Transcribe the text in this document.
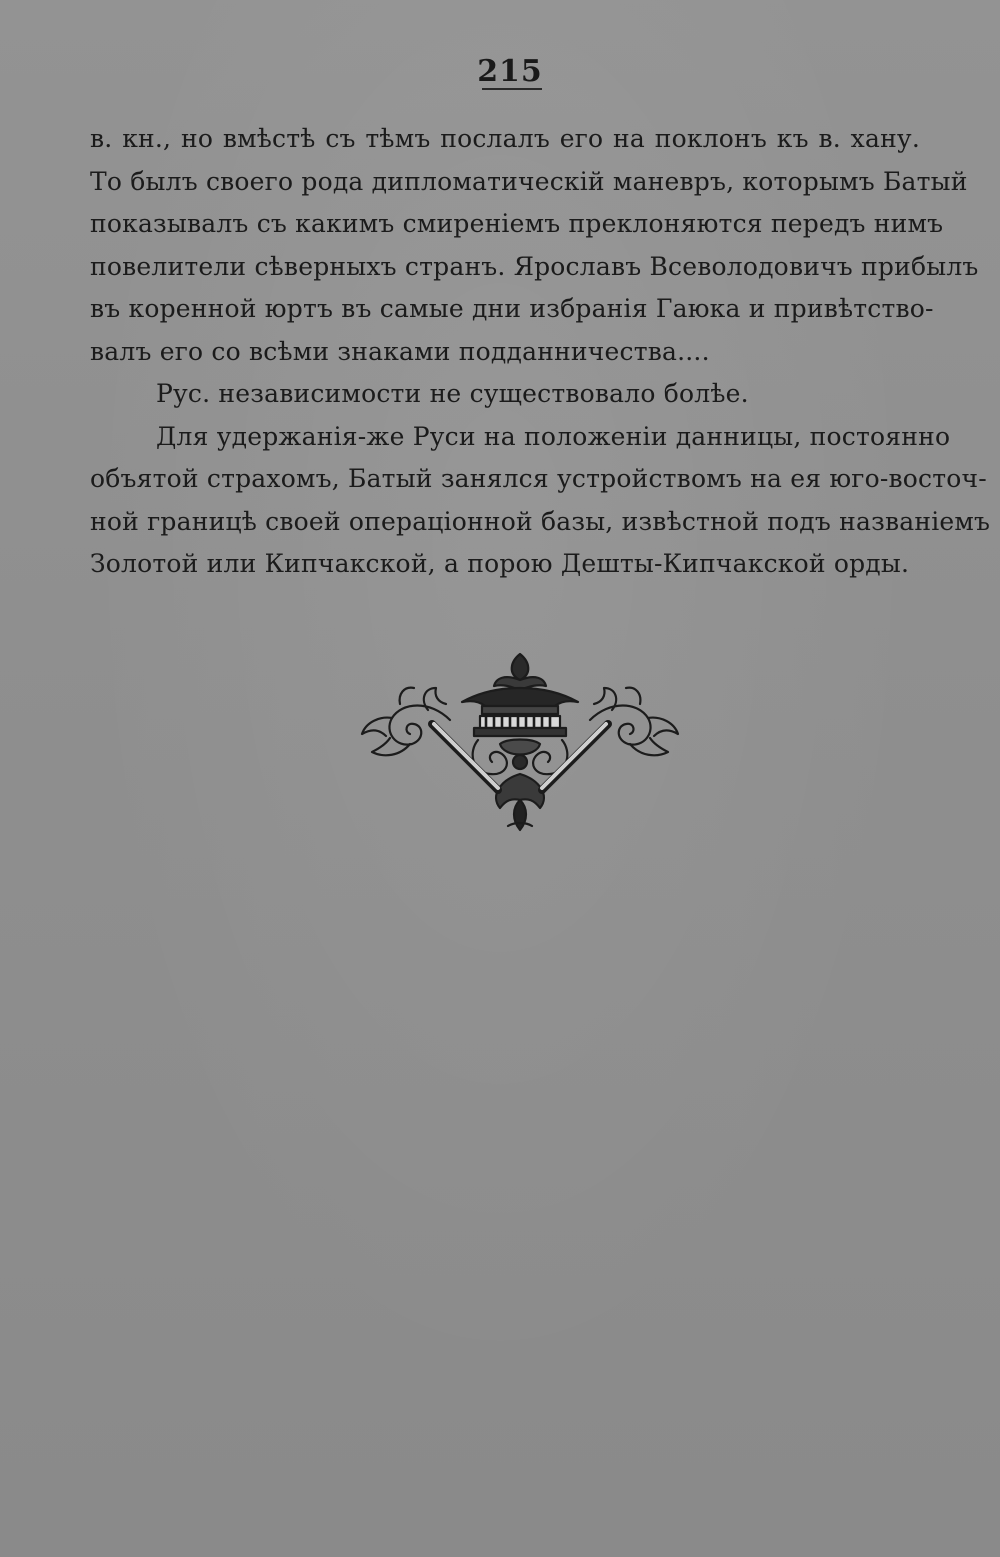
215
в. кн., но вмѣстѣ съ тѣмъ послалъ его на поклонъ къ в. хану.
То былъ своего рода дипломатическій маневръ, которымъ Батый
показывалъ съ какимъ смиреніемъ преклоняются передъ нимъ
повелители сѣверныхъ странъ. Ярославъ Всеволодовичъ прибылъ
въ коренной юртъ въ самые дни избранія Гаюка и привѣтство-
валъ его со всѣми знаками подданничества....
Рус. независимости не существовало болѣе.
Для удержанія-же Руси на положеніи данницы, постоянно
объятой страхомъ, Батый занялся устройствомъ на ея юго-восточ-
ной границѣ своей операціонной базы, извѣстной подъ названіемъ
Золотой или Кипчакской, а порою Дешты-Кипчакской орды.
